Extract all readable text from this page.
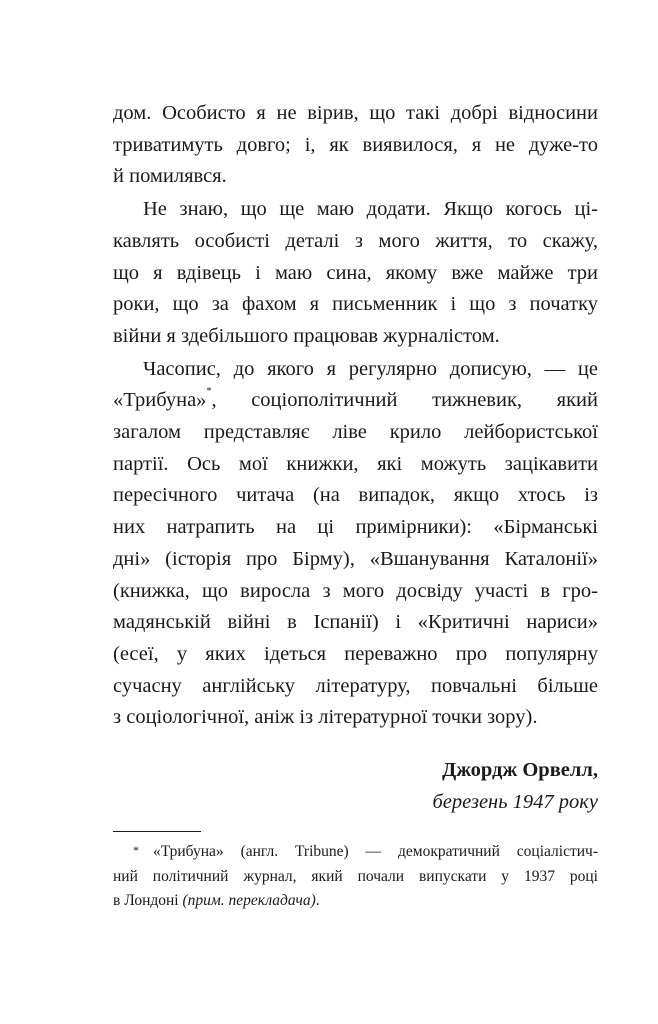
дом. Особисто я не вірив, що такі добрі відносини
триватимуть довго; і, як виявилося, я не дуже-то
й помилявся.
Не знаю, що ще маю додати. Якщо когось ці-
кавлять особисті деталі з мого життя, то скажу,
що я вдівець і маю сина, якому вже майже три
роки, що за фахом я письменник і що з початку
війни я здебільшого працював журналістом.
Часопис, до якого я регулярно дописую, — це
«Трибуна»*, соціополітичний тижневик, який
загалом представляє ліве крило лейбористської
партії. Ось мої книжки, які можуть зацікавити
пересічного читача (на випадок, якщо хтось із
них натрапить на ці примірники): «Бірманські
дні» (історія про Бірму), «Вшанування Каталонії»
(книжка, що виросла з мого досвіду участі в гро-
мадянській війні в Іспанії) і «Критичні нариси»
(есеї, у яких ідеться переважно про популярну
сучасну англійську літературу, повчальні більше
з соціологічної, аніж із літературної точки зору).
Джордж Орвелл,
березень 1947 року
* «Трибуна» (англ. Tribune) — демократичний соціалістич-
ний політичний журнал, який почали випускати у 1937 році
в Лондоні (прим. перекладача).
